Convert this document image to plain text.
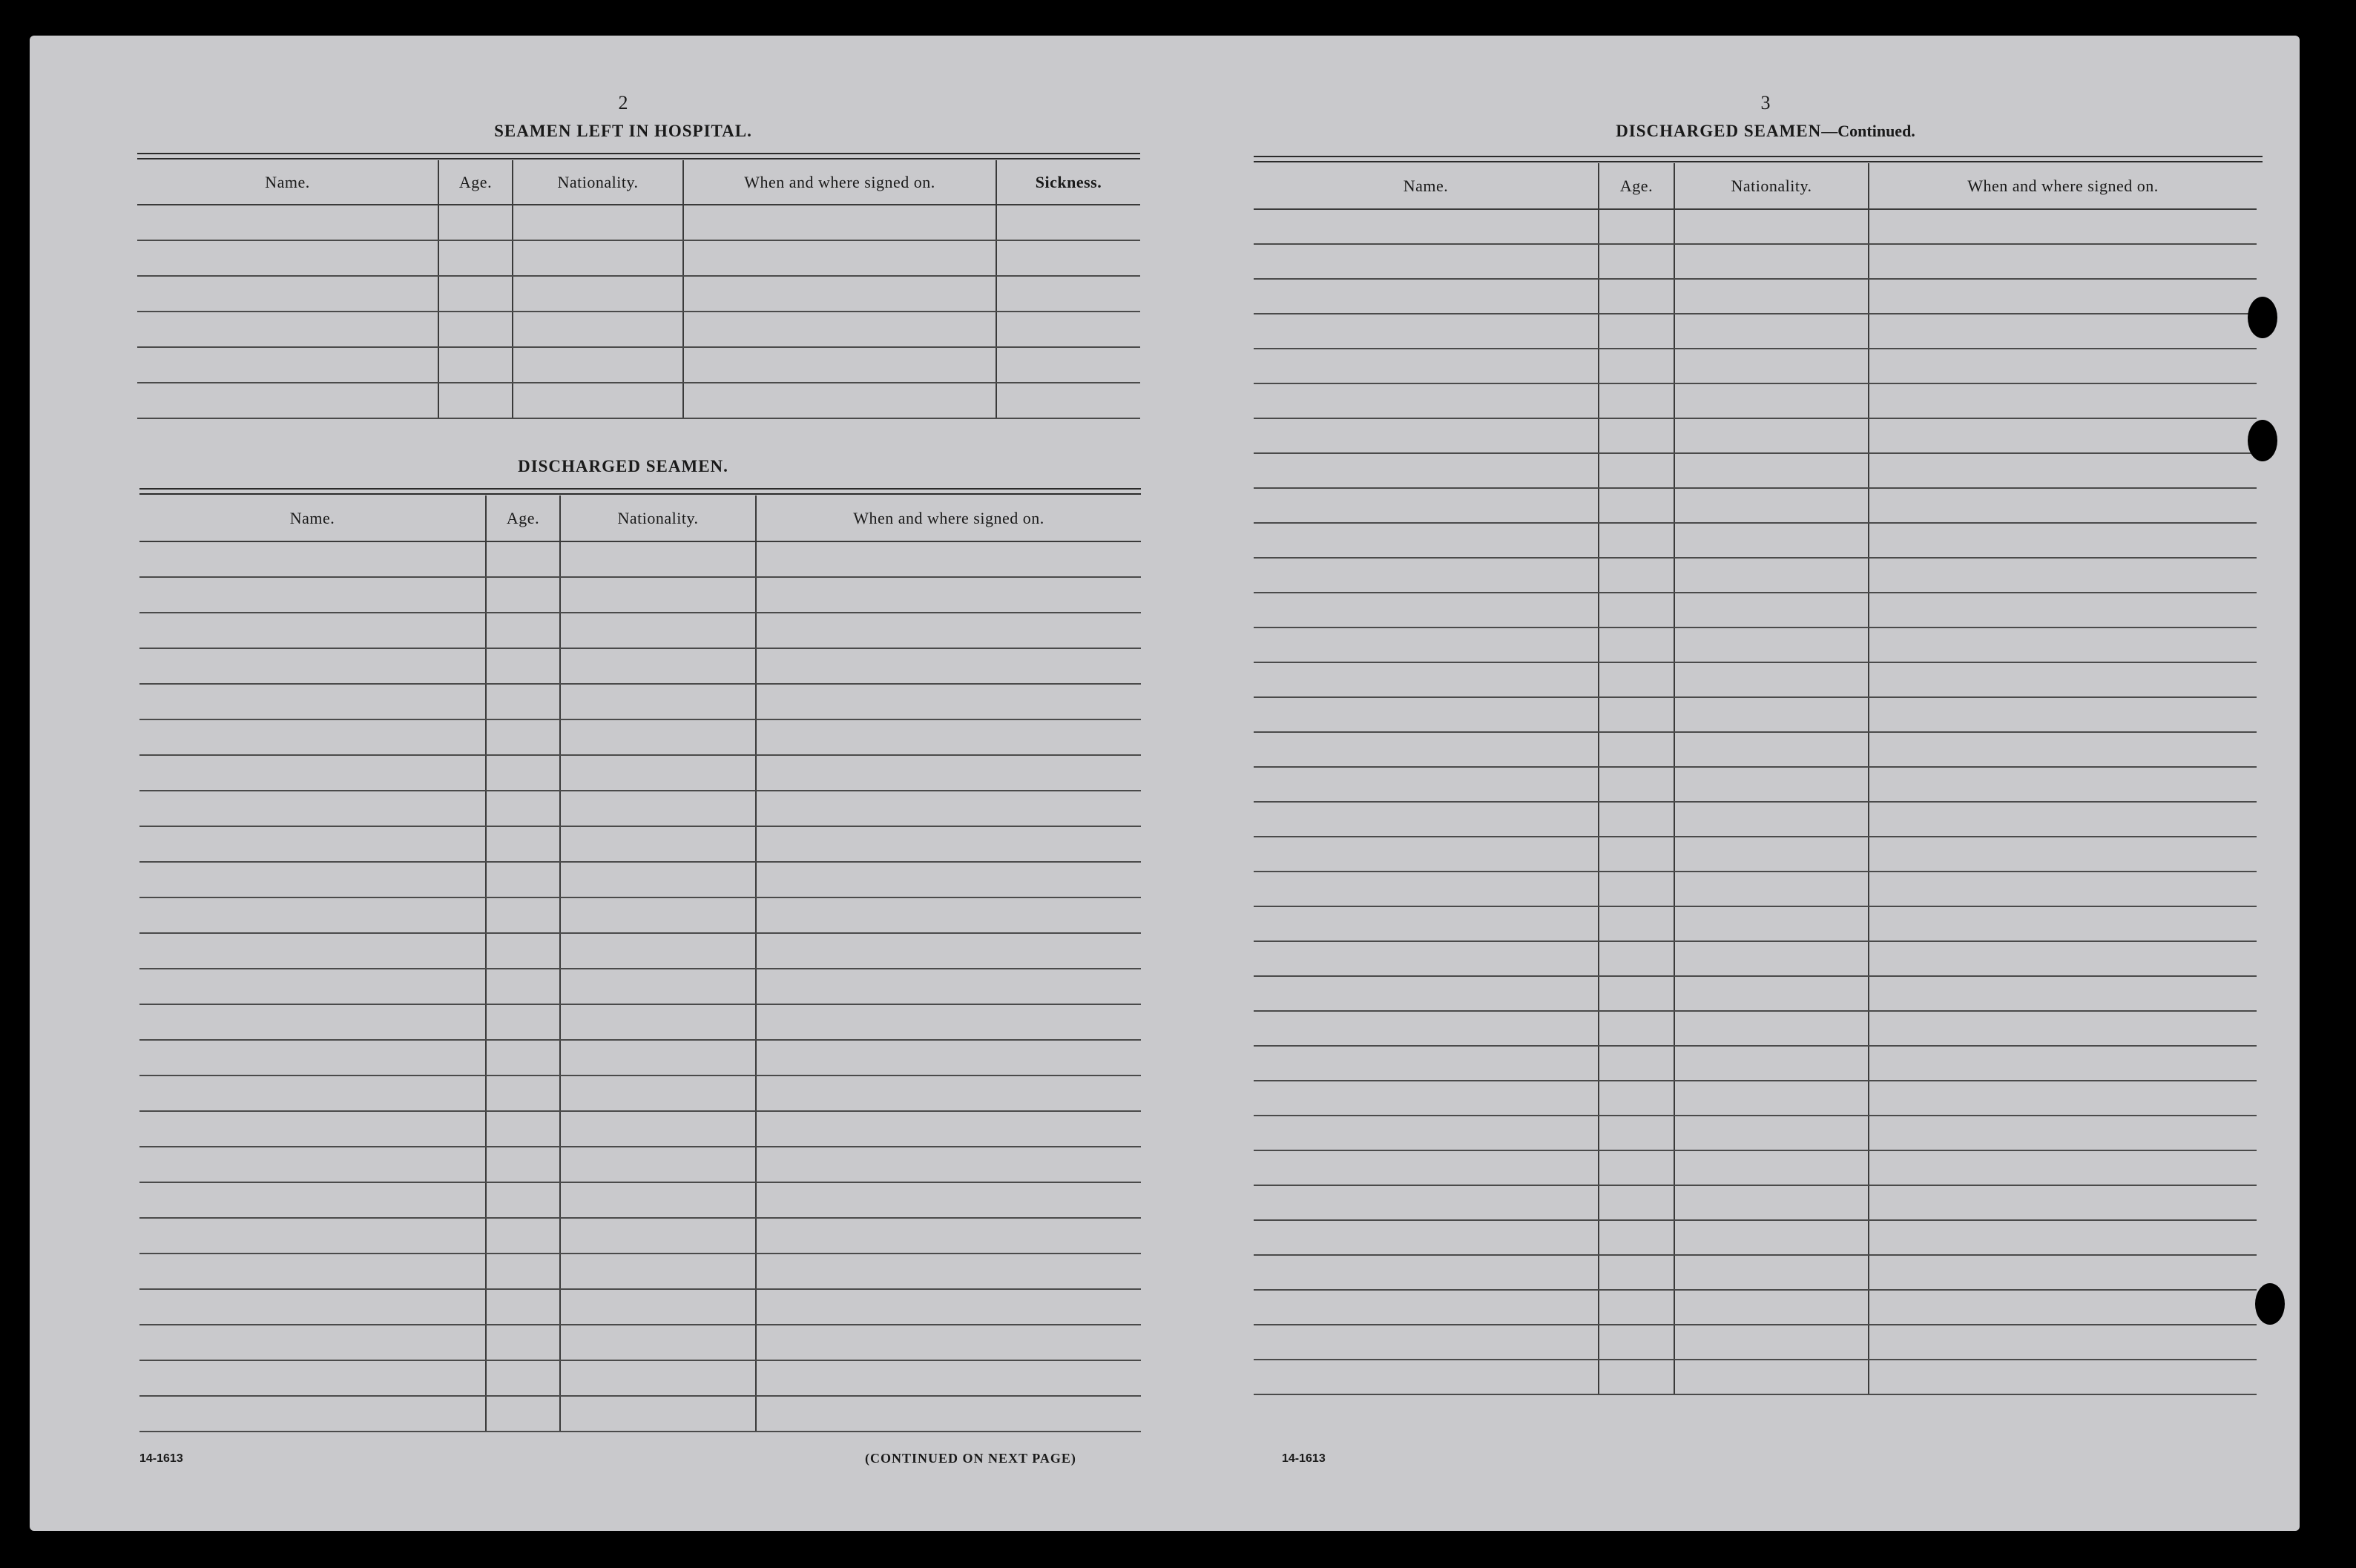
2
SEAMEN LEFT IN HOSPITAL.
Name.	Age.	Nationality.	When and where signed on.	Sickness.

DISCHARGED SEAMEN.
Name.	Age.	Nationality.	When and where signed on.

14-1613	(CONTINUED ON NEXT PAGE)
3
DISCHARGED SEAMEN—Continued.
Name.	Age.	Nationality.	When and where signed on.

14-1613
